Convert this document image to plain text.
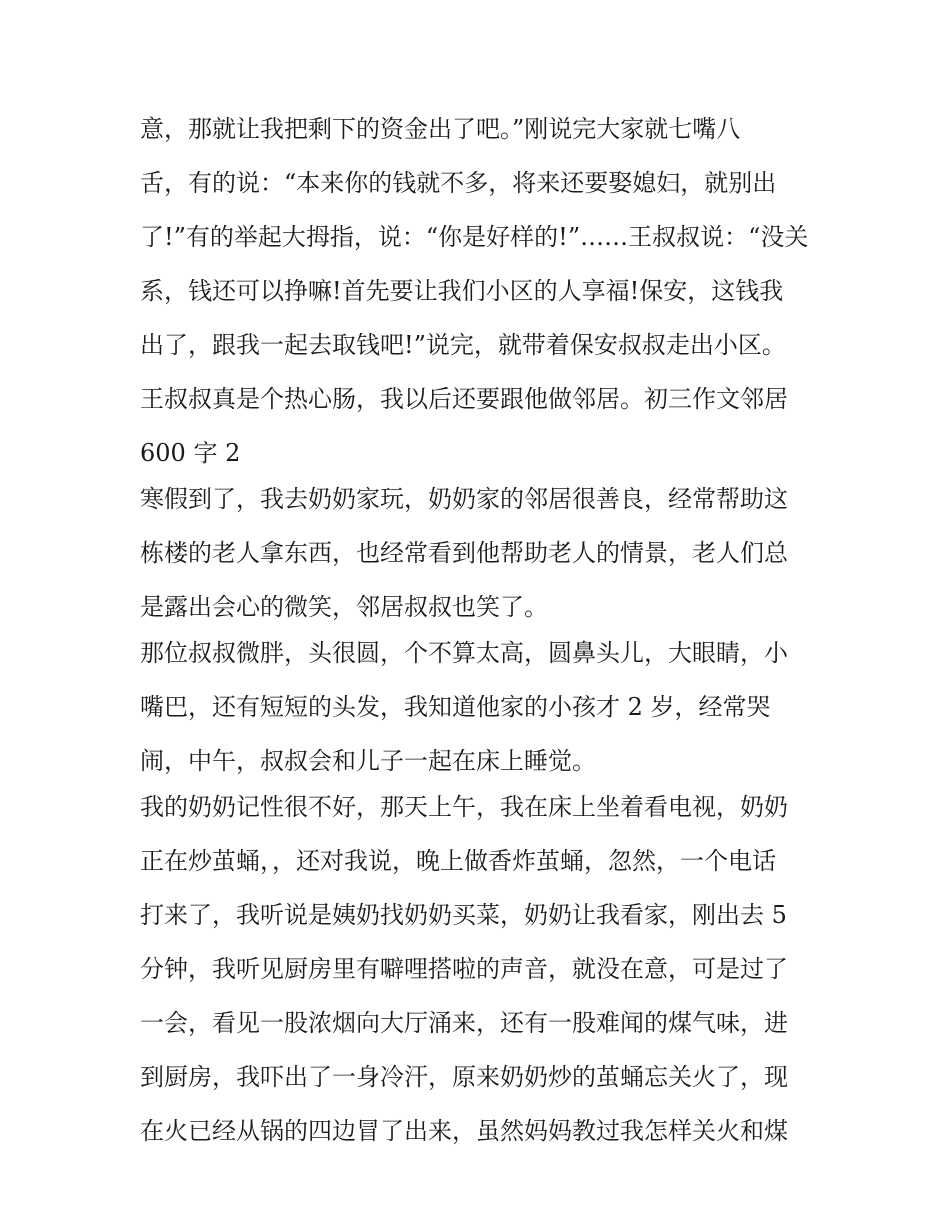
意，那就让我把剩下的资金出了吧。”刚说完大家就七嘴八

舌，有的说：“本来你的钱就不多，将来还要娶媳妇，就别出

了!”有的举起大拇指，说：“你是好样的!”……王叔叔说：“没关

系，钱还可以挣嘛!首先要让我们小区的人享福!保安，这钱我

出了，跟我一起去取钱吧!”说完，就带着保安叔叔走出小区。

王叔叔真是个热心肠，我以后还要跟他做邻居。初三作文邻居

600 字 2

寒假到了，我去奶奶家玩，奶奶家的邻居很善良，经常帮助这

栋楼的老人拿东西，也经常看到他帮助老人的情景，老人们总

是露出会心的微笑，邻居叔叔也笑了。

那位叔叔微胖，头很圆，个不算太高，圆鼻头儿，大眼睛，小

嘴巴，还有短短的头发，我知道他家的小孩才 2 岁，经常哭

闹，中午，叔叔会和儿子一起在床上睡觉。

我的奶奶记性很不好，那天上午，我在床上坐着看电视，奶奶

正在炒茧蛹，，还对我说，晚上做香炸茧蛹，忽然，一个电话

打来了，我听说是姨奶找奶奶买菜，奶奶让我看家，刚出去 5

分钟，我听见厨房里有噼哩搭啦的声音，就没在意，可是过了

一会，看见一股浓烟向大厅涌来，还有一股难闻的煤气味，进

到厨房，我吓出了一身冷汗，原来奶奶炒的茧蛹忘关火了，现

在火已经从锅的四边冒了出来，虽然妈妈教过我怎样关火和煤
